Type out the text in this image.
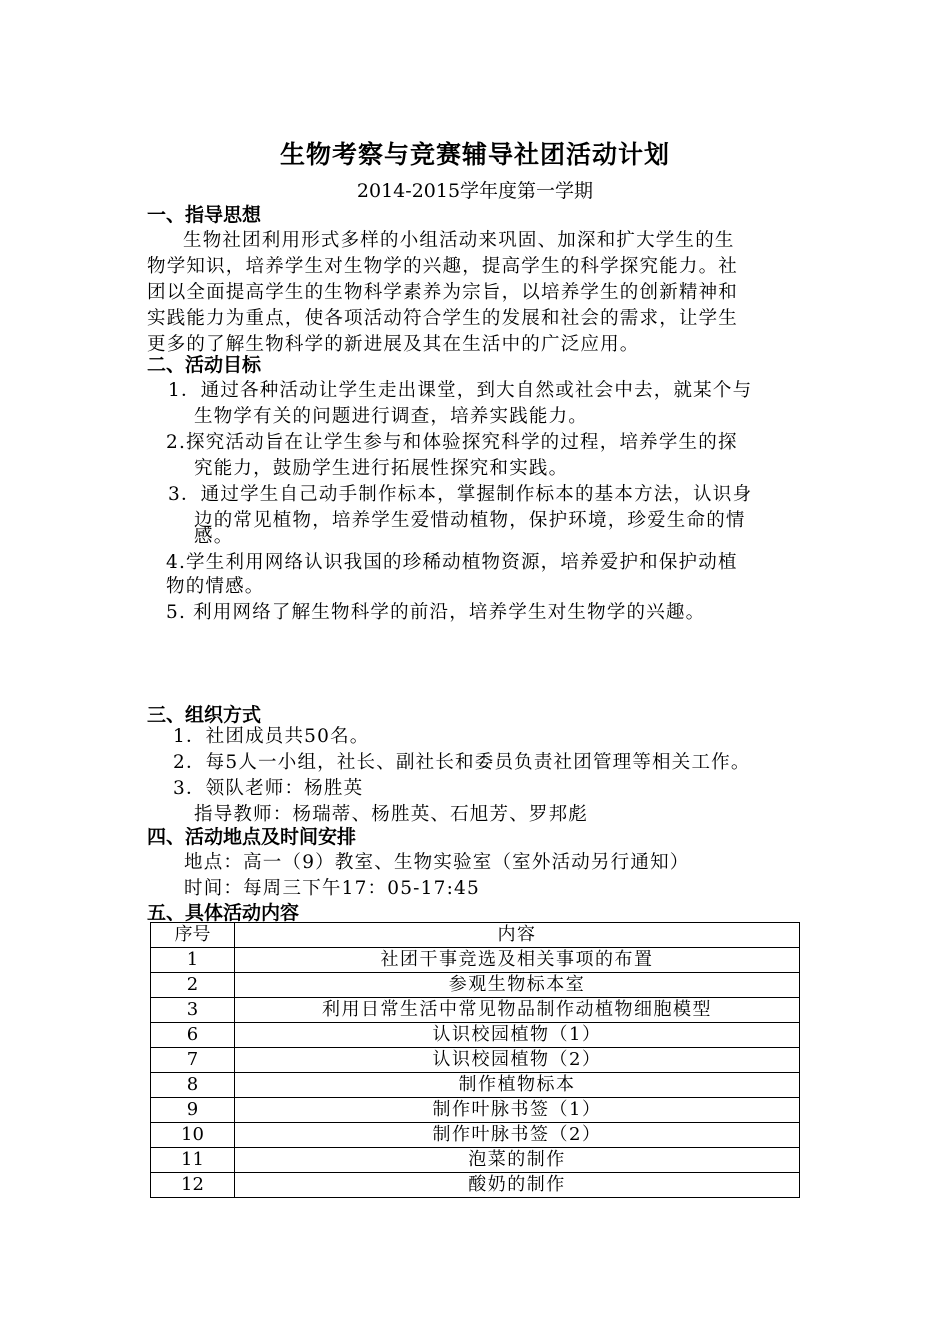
生物考察与竞赛辅导社团活动计划
2014-2015学年度第一学期
一、指导思想
生物社团利用形式多样的小组活动来巩固、加深和扩大学生的生
物学知识，培养学生对生物学的兴趣，提高学生的科学探究能力。社
团以全面提高学生的生物科学素养为宗旨，以培养学生的创新精神和
实践能力为重点，使各项活动符合学生的发展和社会的需求，让学生
更多的了解生物科学的新进展及其在生活中的广泛应用。
二、活动目标
1．通过各种活动让学生走出课堂，到大自然或社会中去，就某个与
生物学有关的问题进行调查，培养实践能力。
2.探究活动旨在让学生参与和体验探究科学的过程，培养学生的探
究能力，鼓励学生进行拓展性探究和实践。
3．通过学生自己动手制作标本，掌握制作标本的基本方法，认识身
边的常见植物，培养学生爱惜动植物，保护环境，珍爱生命的情
感。
4.学生利用网络认识我国的珍稀动植物资源，培养爱护和保护动植
物的情感。
5. 利用网络了解生物科学的前沿，培养学生对生物学的兴趣。
三、组织方式
1．社团成员共50名。
2．每5人一小组，社长、副社长和委员负责社团管理等相关工作。
3．领队老师：杨胜英
指导教师：杨瑞蒂、杨胜英、石旭芳、罗邦彪
四、活动地点及时间安排
地点：高一（9）教室、生物实验室（室外活动另行通知）
时间：每周三下午17：05-17:45
五、具体活动内容
序号	内容
1	社团干事竞选及相关事项的布置
2	参观生物标本室
3	利用日常生活中常见物品制作动植物细胞模型
6	认识校园植物（1）
7	认识校园植物（2）
8	制作植物标本
9	制作叶脉书签（1）
10	制作叶脉书签（2）
11	泡菜的制作
12	酸奶的制作
